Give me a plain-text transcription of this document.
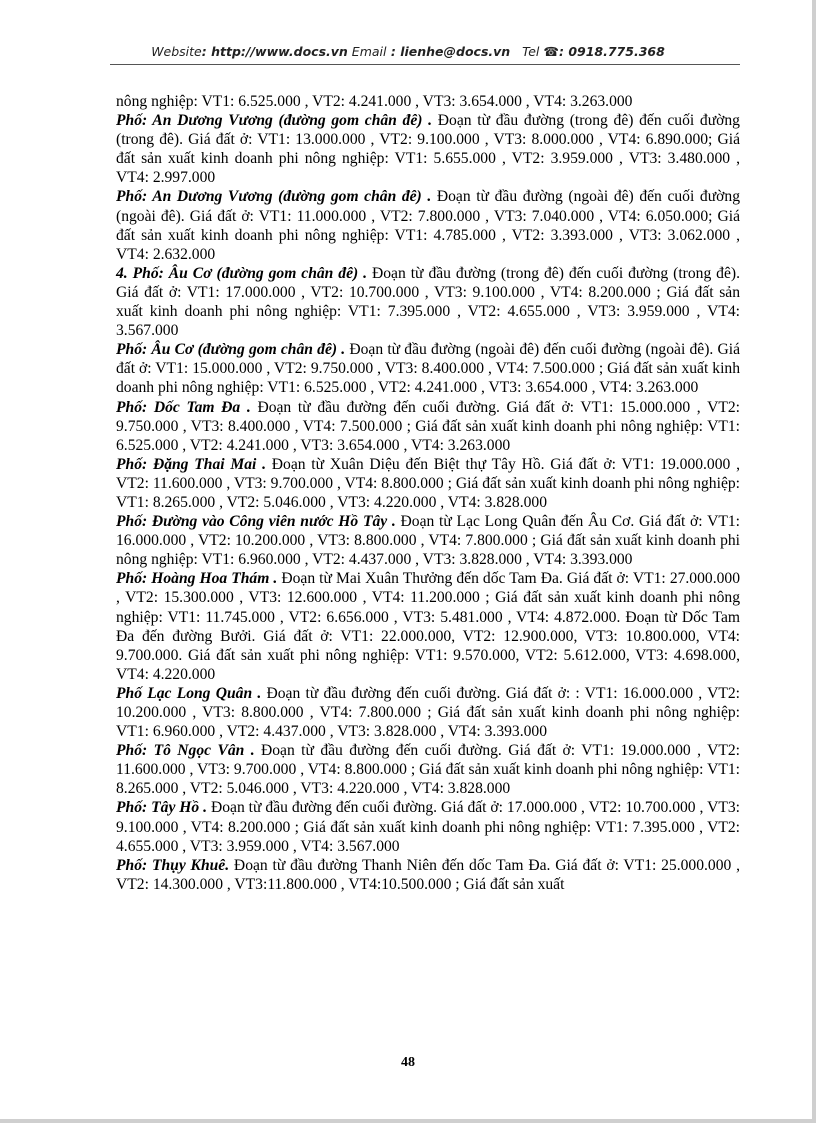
Website: http://www.docs.vn Email : lienhe@docs.vn Tel ☎: 0918.775.368

nông nghiệp: VT1: 6.525.000 , VT2: 4.241.000 , VT3: 3.654.000 , VT4: 3.263.000

Phố: An Dương Vương (đường gom chân đê) . Đoạn từ đầu đường (trong đê) đến cuối đường (trong đê). Giá đất ở: VT1: 13.000.000 , VT2: 9.100.000 , VT3: 8.000.000 , VT4: 6.890.000; Giá đất sản xuất kinh doanh phi nông nghiệp: VT1: 5.655.000 , VT2: 3.959.000 , VT3: 3.480.000 , VT4: 2.997.000

Phố: An Dương Vương (đường gom chân đê) . Đoạn từ đầu đường (ngoài đê) đến cuối đường (ngoài đê). Giá đất ở: VT1: 11.000.000 , VT2: 7.800.000 , VT3: 7.040.000 , VT4: 6.050.000; Giá đất sản xuất kinh doanh phi nông nghiệp: VT1: 4.785.000 , VT2: 3.393.000 , VT3: 3.062.000 , VT4: 2.632.000

4. Phố: Âu Cơ (đường gom chân đê) . Đoạn từ đầu đường (trong đê) đến cuối đường (trong đê). Giá đất ở: VT1: 17.000.000 , VT2: 10.700.000 , VT3: 9.100.000 , VT4: 8.200.000 ; Giá đất sản xuất kinh doanh phi nông nghiệp: VT1: 7.395.000 , VT2: 4.655.000 , VT3: 3.959.000 , VT4: 3.567.000

Phố: Âu Cơ (đường gom chân đê) . Đoạn từ đầu đường (ngoài đê) đến cuối đường (ngoài đê). Giá đất ở: VT1: 15.000.000 , VT2: 9.750.000 , VT3: 8.400.000 , VT4: 7.500.000 ; Giá đất sản xuất kinh doanh phi nông nghiệp: VT1: 6.525.000 , VT2: 4.241.000 , VT3: 3.654.000 , VT4: 3.263.000

Phố: Dốc Tam Đa . Đoạn từ đầu đường đến cuối đường. Giá đất ở: VT1: 15.000.000 , VT2: 9.750.000 , VT3: 8.400.000 , VT4: 7.500.000 ; Giá đất sản xuất kinh doanh phi nông nghiệp: VT1: 6.525.000 , VT2: 4.241.000 , VT3: 3.654.000 , VT4: 3.263.000

Phố: Đặng Thai Mai . Đoạn từ Xuân Diệu đến Biệt thự Tây Hồ. Giá đất ở: VT1: 19.000.000 , VT2: 11.600.000 , VT3: 9.700.000 , VT4: 8.800.000 ; Giá đất sản xuất kinh doanh phi nông nghiệp: VT1: 8.265.000 , VT2: 5.046.000 , VT3: 4.220.000 , VT4: 3.828.000

Phố: Đường vào Công viên nước Hồ Tây . Đoạn từ Lạc Long Quân đến Âu Cơ. Giá đất ở: VT1: 16.000.000 , VT2: 10.200.000 , VT3: 8.800.000 , VT4: 7.800.000 ; Giá đất sản xuất kinh doanh phi nông nghiệp: VT1: 6.960.000 , VT2: 4.437.000 , VT3: 3.828.000 , VT4: 3.393.000

Phố: Hoàng Hoa Thám . Đoạn từ Mai Xuân Thưởng đến dốc Tam Đa. Giá đất ở: VT1: 27.000.000 , VT2: 15.300.000 , VT3: 12.600.000 , VT4: 11.200.000 ; Giá đất sản xuất kinh doanh phi nông nghiệp: VT1: 11.745.000 , VT2: 6.656.000 , VT3: 5.481.000 , VT4: 4.872.000. Đoạn từ Dốc Tam Đa đến đường Bưởi. Giá đất ở: VT1: 22.000.000, VT2: 12.900.000, VT3: 10.800.000, VT4: 9.700.000. Giá đất sản xuất phi nông nghiệp: VT1: 9.570.000, VT2: 5.612.000, VT3: 4.698.000, VT4: 4.220.000

Phố Lạc Long Quân . Đoạn từ đầu đường đến cuối đường. Giá đất ở: : VT1: 16.000.000 , VT2: 10.200.000 , VT3: 8.800.000 , VT4: 7.800.000 ; Giá đất sản xuất kinh doanh phi nông nghiệp: VT1: 6.960.000 , VT2: 4.437.000 , VT3: 3.828.000 , VT4: 3.393.000

Phố: Tô Ngọc Vân . Đoạn từ đầu đường đến cuối đường. Giá đất ở: VT1: 19.000.000 , VT2: 11.600.000 , VT3: 9.700.000 , VT4: 8.800.000 ; Giá đất sản xuất kinh doanh phi nông nghiệp: VT1: 8.265.000 , VT2: 5.046.000 , VT3: 4.220.000 , VT4: 3.828.000

Phố: Tây Hồ . Đoạn từ đầu đường đến cuối đường. Giá đất ở: 17.000.000 , VT2: 10.700.000 , VT3: 9.100.000 , VT4: 8.200.000 ; Giá đất sản xuất kinh doanh phi nông nghiệp: VT1: 7.395.000 , VT2: 4.655.000 , VT3: 3.959.000 , VT4: 3.567.000

Phố: Thụy Khuê. Đoạn từ đầu đường Thanh Niên đến dốc Tam Đa. Giá đất ở: VT1: 25.000.000 , VT2: 14.300.000 , VT3:11.800.000 , VT4:10.500.000 ; Giá đất sản xuất

48
